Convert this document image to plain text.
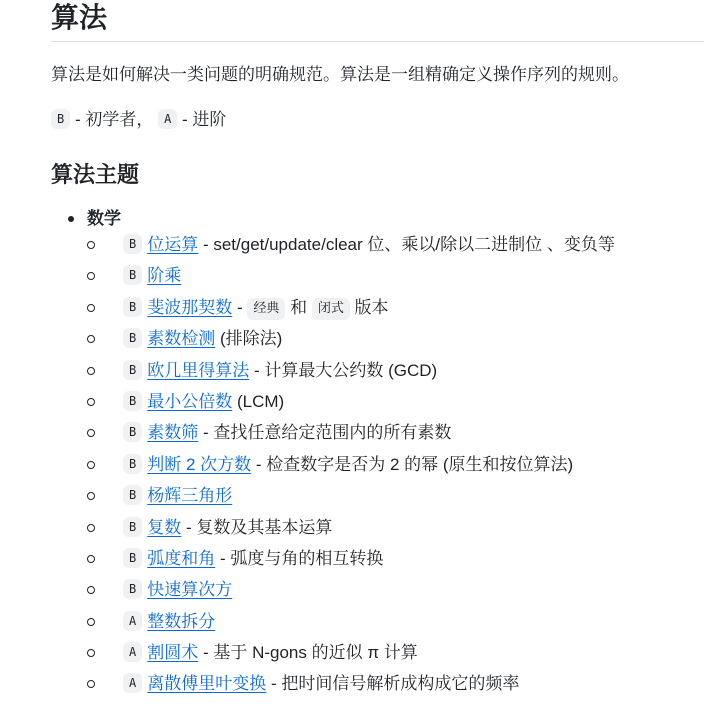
算法

算法是如何解决一类问题的明确规范。算法是一组精确定义操作序列的规则。

B - 初学者， A - 进阶
算法主题
数学
B 位运算 - set/get/update/clear 位、乘以/除以二进制位 、变负等
B 阶乘
B 斐波那契数 - 经典 和 闭式 版本
B 素数检测 (排除法)
B 欧几里得算法 - 计算最大公约数 (GCD)
B 最小公倍数 (LCM)
B 素数筛 - 查找任意给定范围内的所有素数
B 判断 2 次方数 - 检查数字是否为 2 的幂 (原生和按位算法)
B 杨辉三角形
B 复数 - 复数及其基本运算
B 弧度和角 - 弧度与角的相互转换
B 快速算次方
A 整数拆分
A 割圆术 - 基于 N-gons 的近似 π 计算
A 离散傅里叶变换 - 把时间信号解析成构成它的频率
